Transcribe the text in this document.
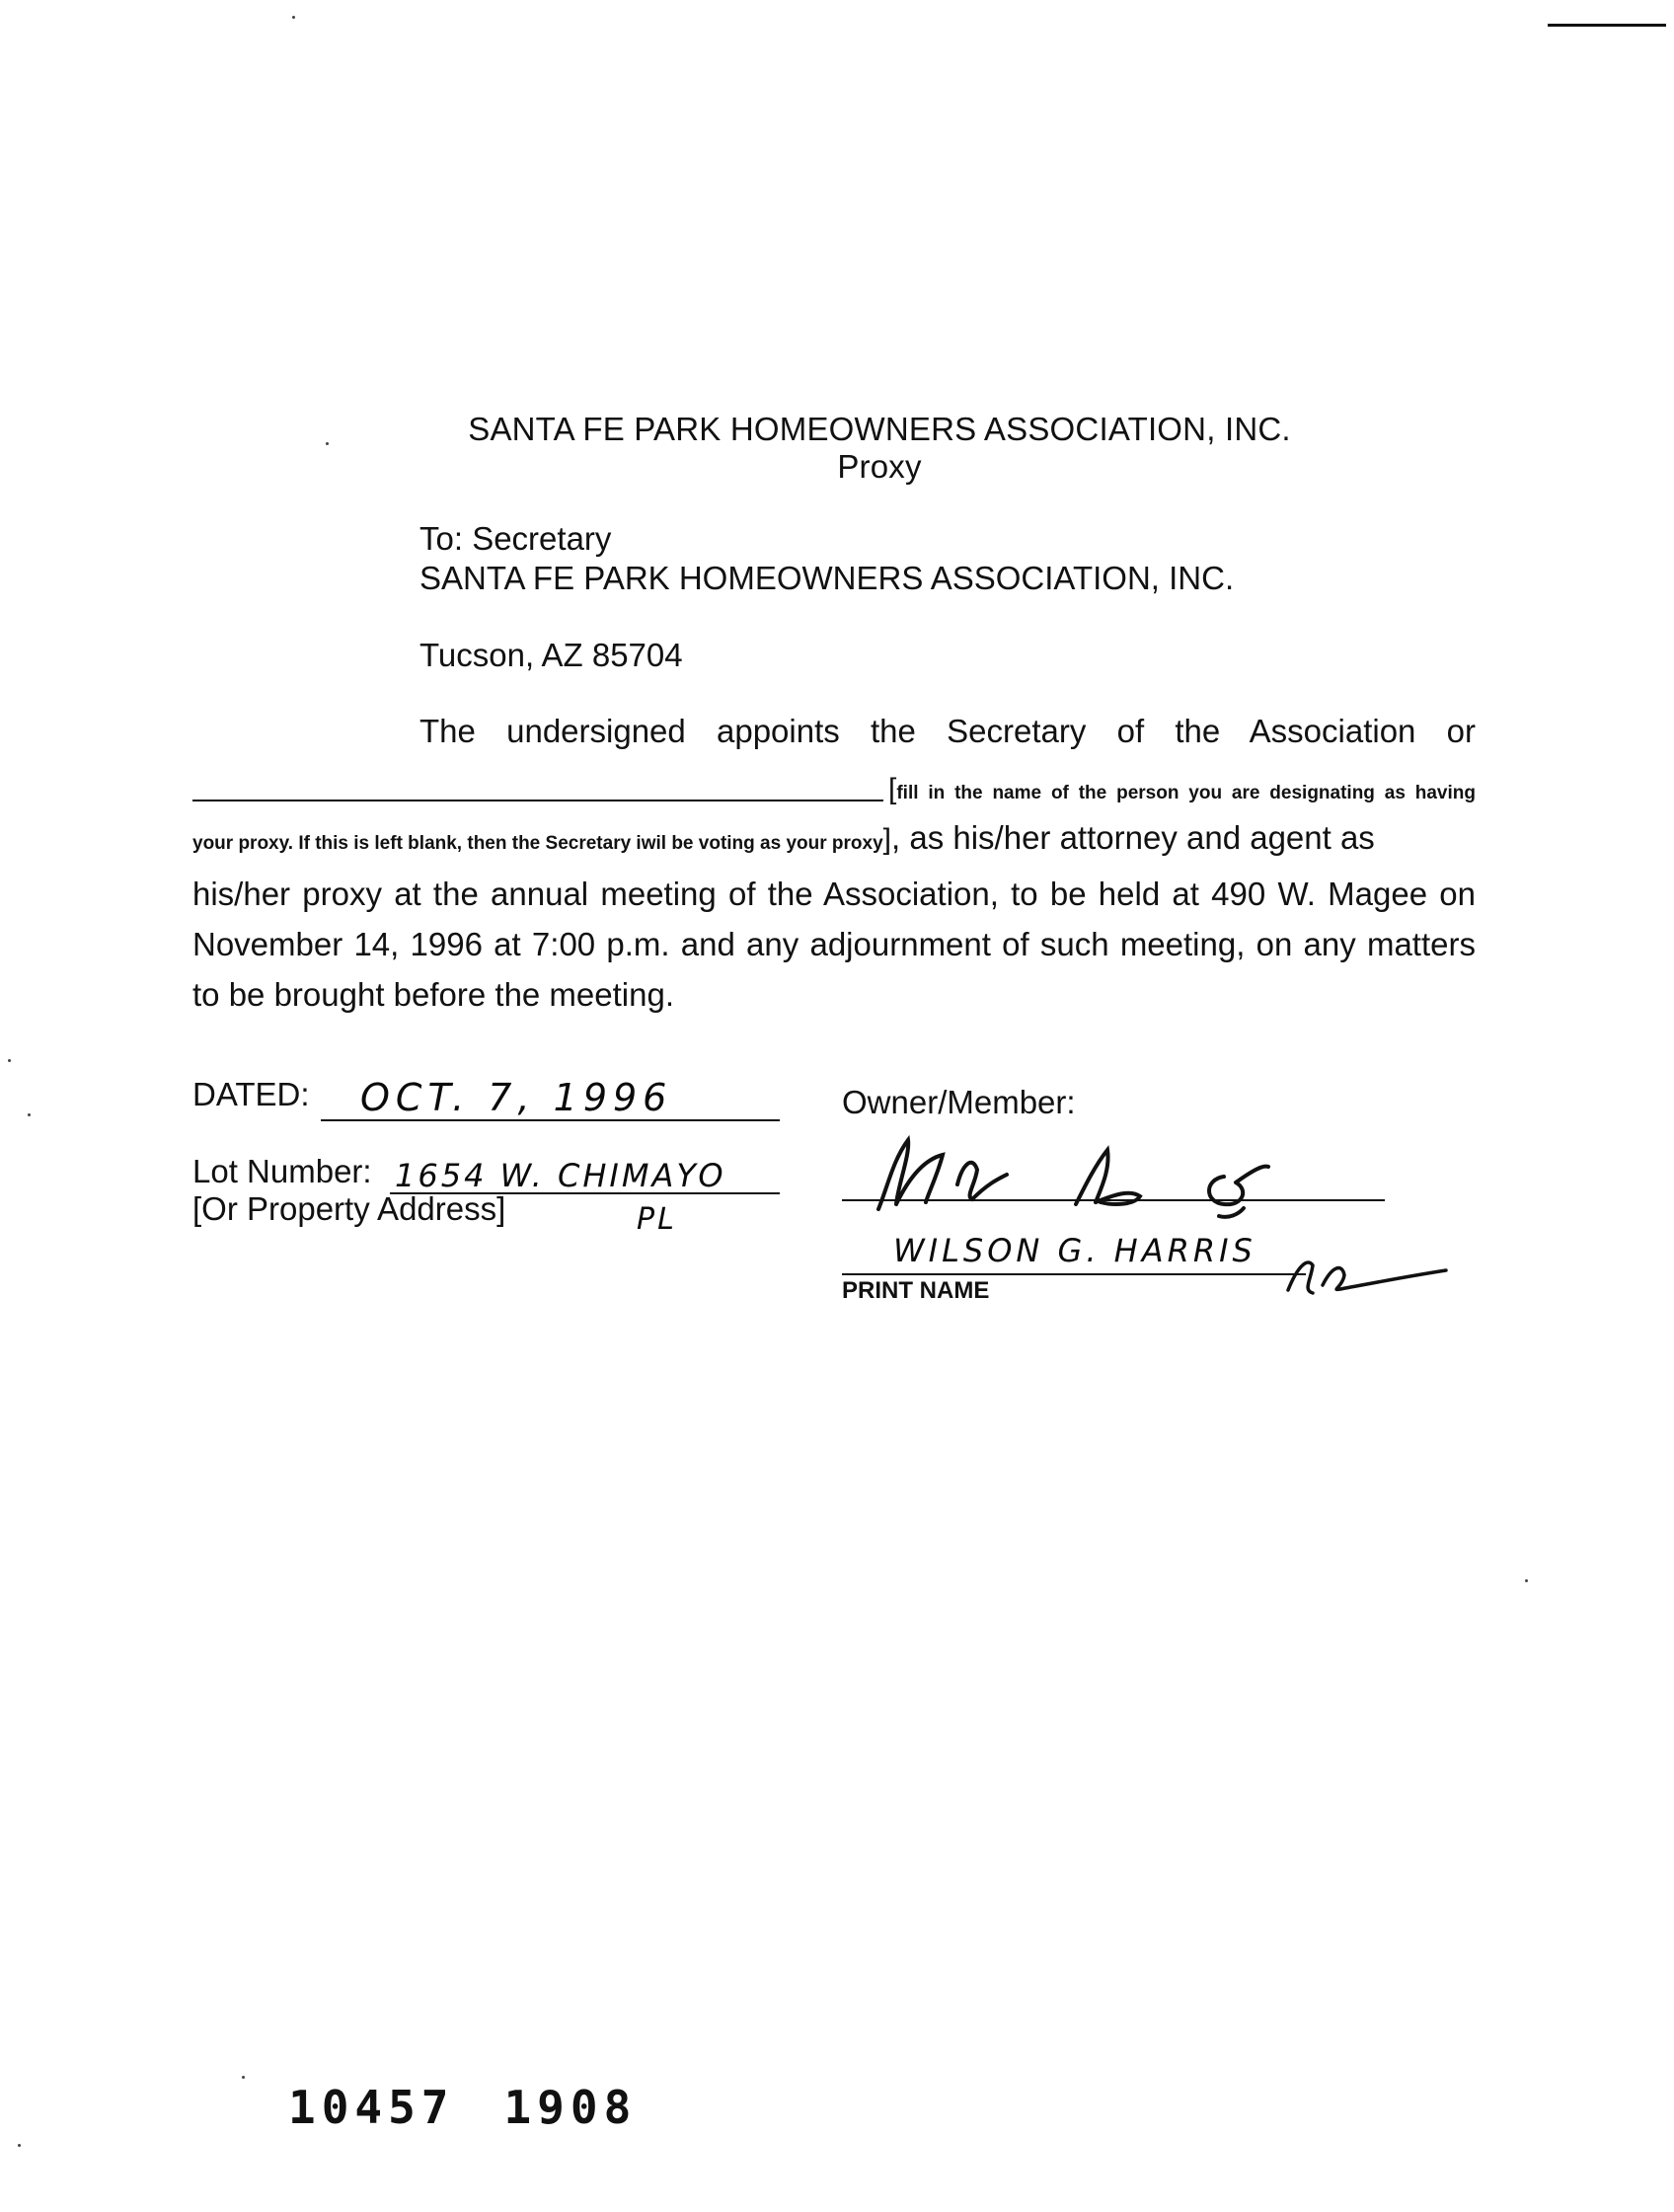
SANTA FE PARK HOMEOWNERS ASSOCIATION, INC.
Proxy
To: Secretary
SANTA FE PARK HOMEOWNERS ASSOCIATION, INC.
Tucson, AZ 85704
The undersigned appoints the Secretary of the Association or
[fill in the name of the person you are designating as having
your proxy. If this is left blank, then the Secretary iwil be voting as your proxy], as his/her attorney and agent as
his/her proxy at the annual meeting of the Association, to be held at 490 W. Magee on
November 14, 1996 at 7:00 p.m. and any adjournment of such meeting, on any matters
to be brought before the meeting.
DATED: OCT. 7, 1996
Lot Number:
[Or Property Address]
1654 W. CHIMAYO
PL
Owner/Member:
WILSON G. HARRIS
PRINT NAME
10457 1908
